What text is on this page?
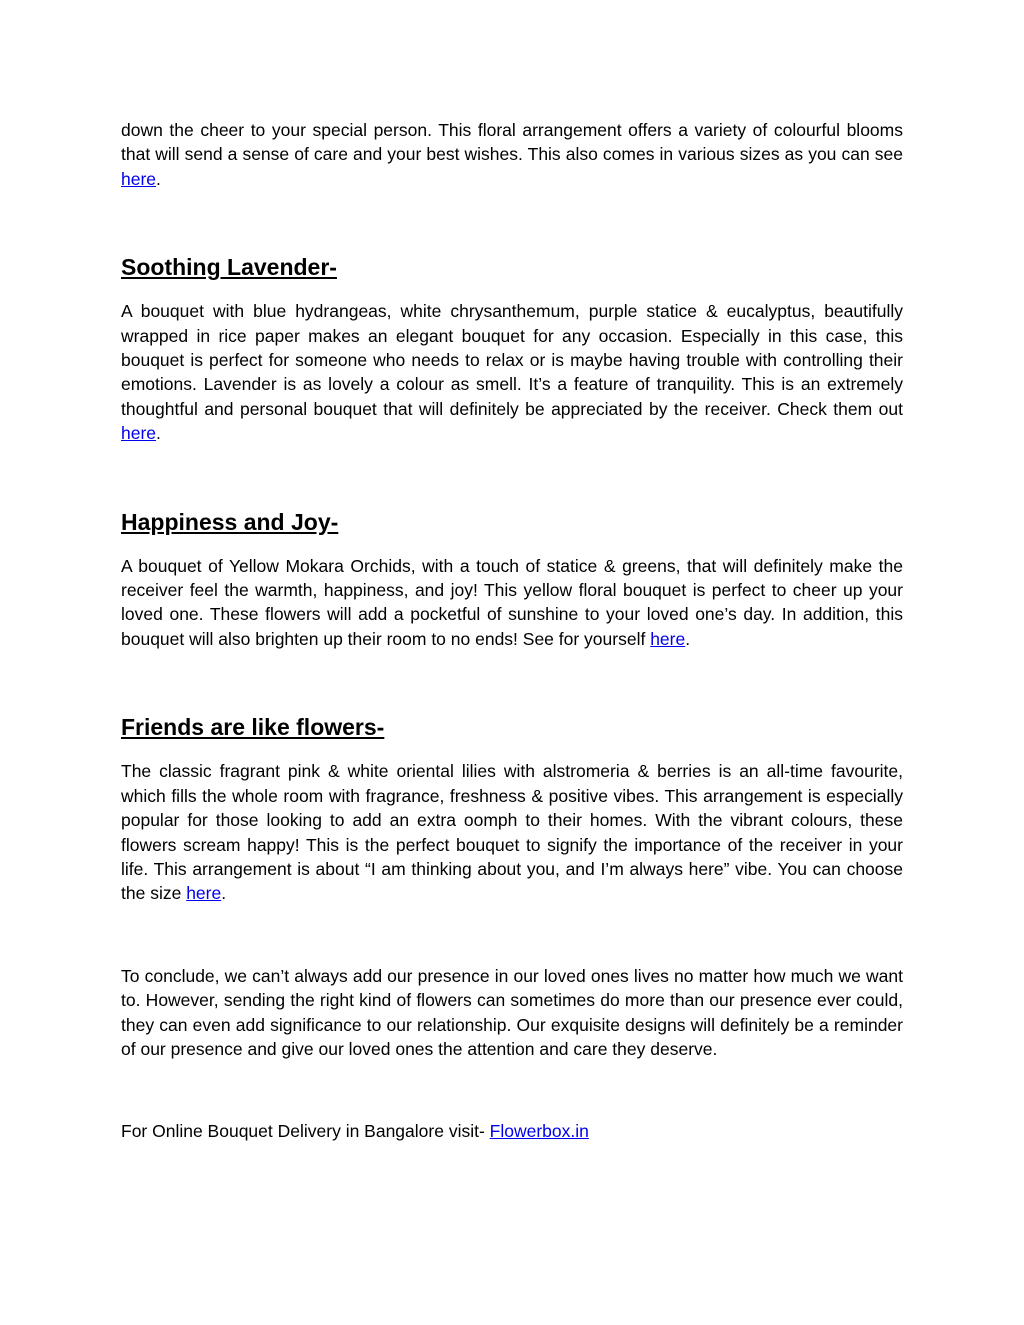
down the cheer to your special person. This floral arrangement offers a variety of colourful blooms that will send a sense of care and your best wishes. This also comes in various sizes as you can see here.

Soothing Lavender-

A bouquet with blue hydrangeas, white chrysanthemum, purple statice & eucalyptus, beautifully wrapped in rice paper makes an elegant bouquet for any occasion. Especially in this case, this bouquet is perfect for someone who needs to relax or is maybe having trouble with controlling their emotions. Lavender is as lovely a colour as smell. It’s a feature of tranquility. This is an extremely thoughtful and personal bouquet that will definitely be appreciated by the receiver. Check them out here.

Happiness and Joy-

A bouquet of Yellow Mokara Orchids, with a touch of statice & greens, that will definitely make the receiver feel the warmth, happiness, and joy! This yellow floral bouquet is perfect to cheer up your loved one. These flowers will add a pocketful of sunshine to your loved one’s day. In addition, this bouquet will also brighten up their room to no ends! See for yourself here.

Friends are like flowers-

The classic fragrant pink & white oriental lilies with alstromeria & berries is an all-time favourite, which fills the whole room with fragrance, freshness & positive vibes. This arrangement is especially popular for those looking to add an extra oomph to their homes. With the vibrant colours, these flowers scream happy! This is the perfect bouquet to signify the importance of the receiver in your life. This arrangement is about “I am thinking about you, and I’m always here” vibe. You can choose the size here.

To conclude, we can’t always add our presence in our loved ones lives no matter how much we want to. However, sending the right kind of flowers can sometimes do more than our presence ever could, they can even add significance to our relationship. Our exquisite designs will definitely be a reminder of our presence and give our loved ones the attention and care they deserve.

For Online Bouquet Delivery in Bangalore visit- Flowerbox.in
